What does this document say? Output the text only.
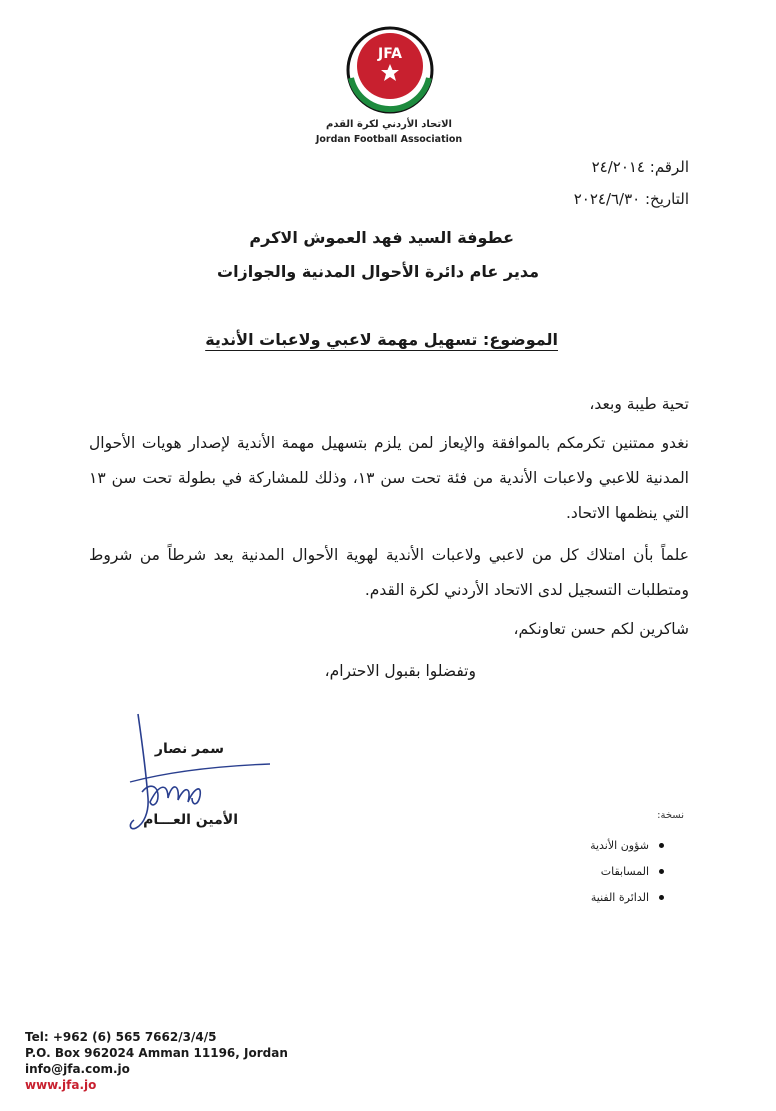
JFA
الاتحاد الأردني لكرة القدم
Jordan Football Association
الرقم: ٢٤/٢٠١٤
التاريخ: ٢٠٢٤/٦/٣٠
عطوفة السيد فهد العموش الاكرم
مدير عام دائرة الأحوال المدنية والجوازات
الموضوع: تسهيل مهمة لاعبي ولاعبات الأندية
تحية طيبة وبعد،
نغدو ممتنين تكرمكم بالموافقة والإيعاز لمن يلزم بتسهيل مهمة الأندية لإصدار هويات الأحوال المدنية للاعبي ولاعبات الأندية من فئة تحت سن ١٣، وذلك للمشاركة في بطولة تحت سن ١٣ التي ينظمها الاتحاد.
علماً بأن امتلاك كل من لاعبي ولاعبات الأندية لهوية الأحوال المدنية يعد شرطاً من شروط ومتطلبات التسجيل لدى الاتحاد الأردني لكرة القدم.
شاكرين لكم حسن تعاونكم،
وتفضلوا بقبول الاحترام،
سمر نصار
الأمين العـــام	نسخة:
شؤون الأندية
المسابقات
الدائرة الفنية
Tel: +962 (6) 565 7662/3/4/5
P.O. Box 962024 Amman 11196, Jordan
info@jfa.com.jo
www.jfa.jo
